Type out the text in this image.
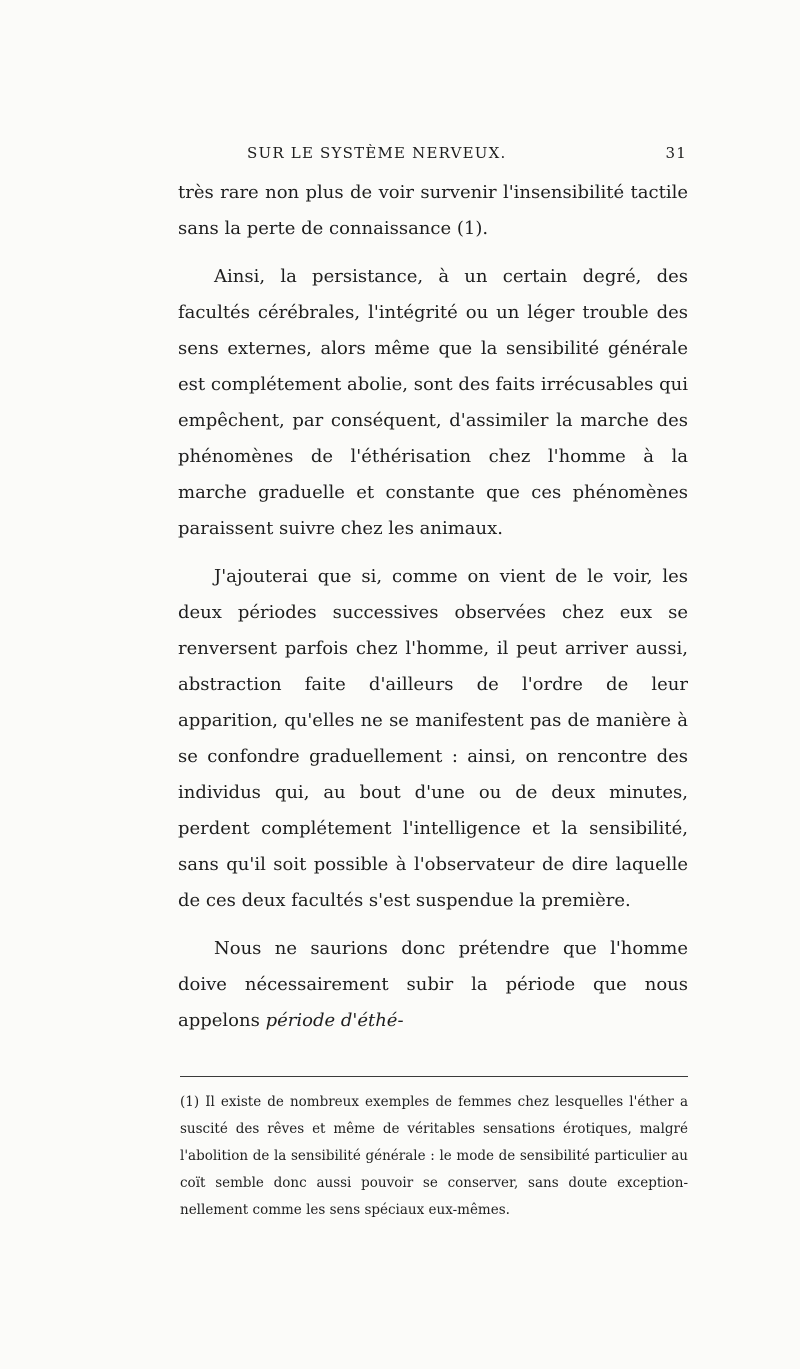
SUR LE SYSTÈME NERVEUX.	31

très rare non plus de voir survenir l'insensibilité tactile sans la perte de connaissance (1).

Ainsi, la persistance, à un certain degré, des facultés cérébrales, l'intégrité ou un léger trouble des sens externes, alors même que la sensibilité générale est complétement abolie, sont des faits irrécusables qui empêchent, par conséquent, d'assimiler la marche des phénomènes de l'éthérisation chez l'homme à la marche graduelle et constante que ces phénomènes paraissent suivre chez les animaux.

J'ajouterai que si, comme on vient de le voir, les deux périodes successives observées chez eux se renversent parfois chez l'homme, il peut arriver aussi, abstraction faite d'ailleurs de l'ordre de leur apparition, qu'elles ne se manifestent pas de manière à se confondre graduellement : ainsi, on rencontre des individus qui, au bout d'une ou de deux minutes, perdent complétement l'intelligence et la sensibilité, sans qu'il soit possible à l'observateur de dire laquelle de ces deux facultés s'est suspendue la première.

Nous ne saurions donc prétendre que l'homme doive nécessairement subir la période que nous appelons période d'éthé-

(1) Il existe de nombreux exemples de femmes chez lesquelles l'éther a suscité des rêves et même de véritables sensations érotiques, malgré l'abolition de la sensibilité générale : le mode de sensibilité particulier au coït semble donc aussi pouvoir se conserver, sans doute exceptionnellement comme les sens spéciaux eux-mêmes.
